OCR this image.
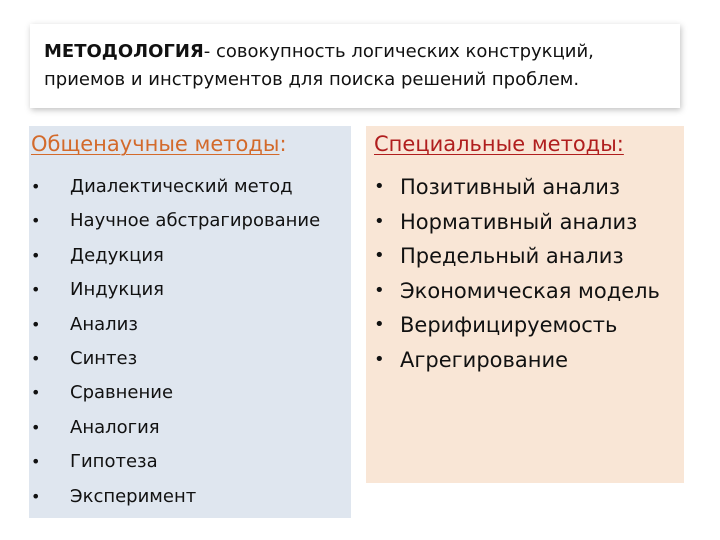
МЕТОДОЛОГИЯ- совокупность логических конструкций, приемов и инструментов для поиска решений проблем.
Общенаучные методы:
• Диалектический метод
• Научное абстрагирование
• Дедукция
• Индукция
• Анализ
• Синтез
• Сравнение
• Аналогия
• Гипотеза
• Эксперимент
Специальные методы:
• Позитивный анализ
• Нормативный анализ
• Предельный анализ
• Экономическая модель
• Верифицируемость
• Агрегирование
